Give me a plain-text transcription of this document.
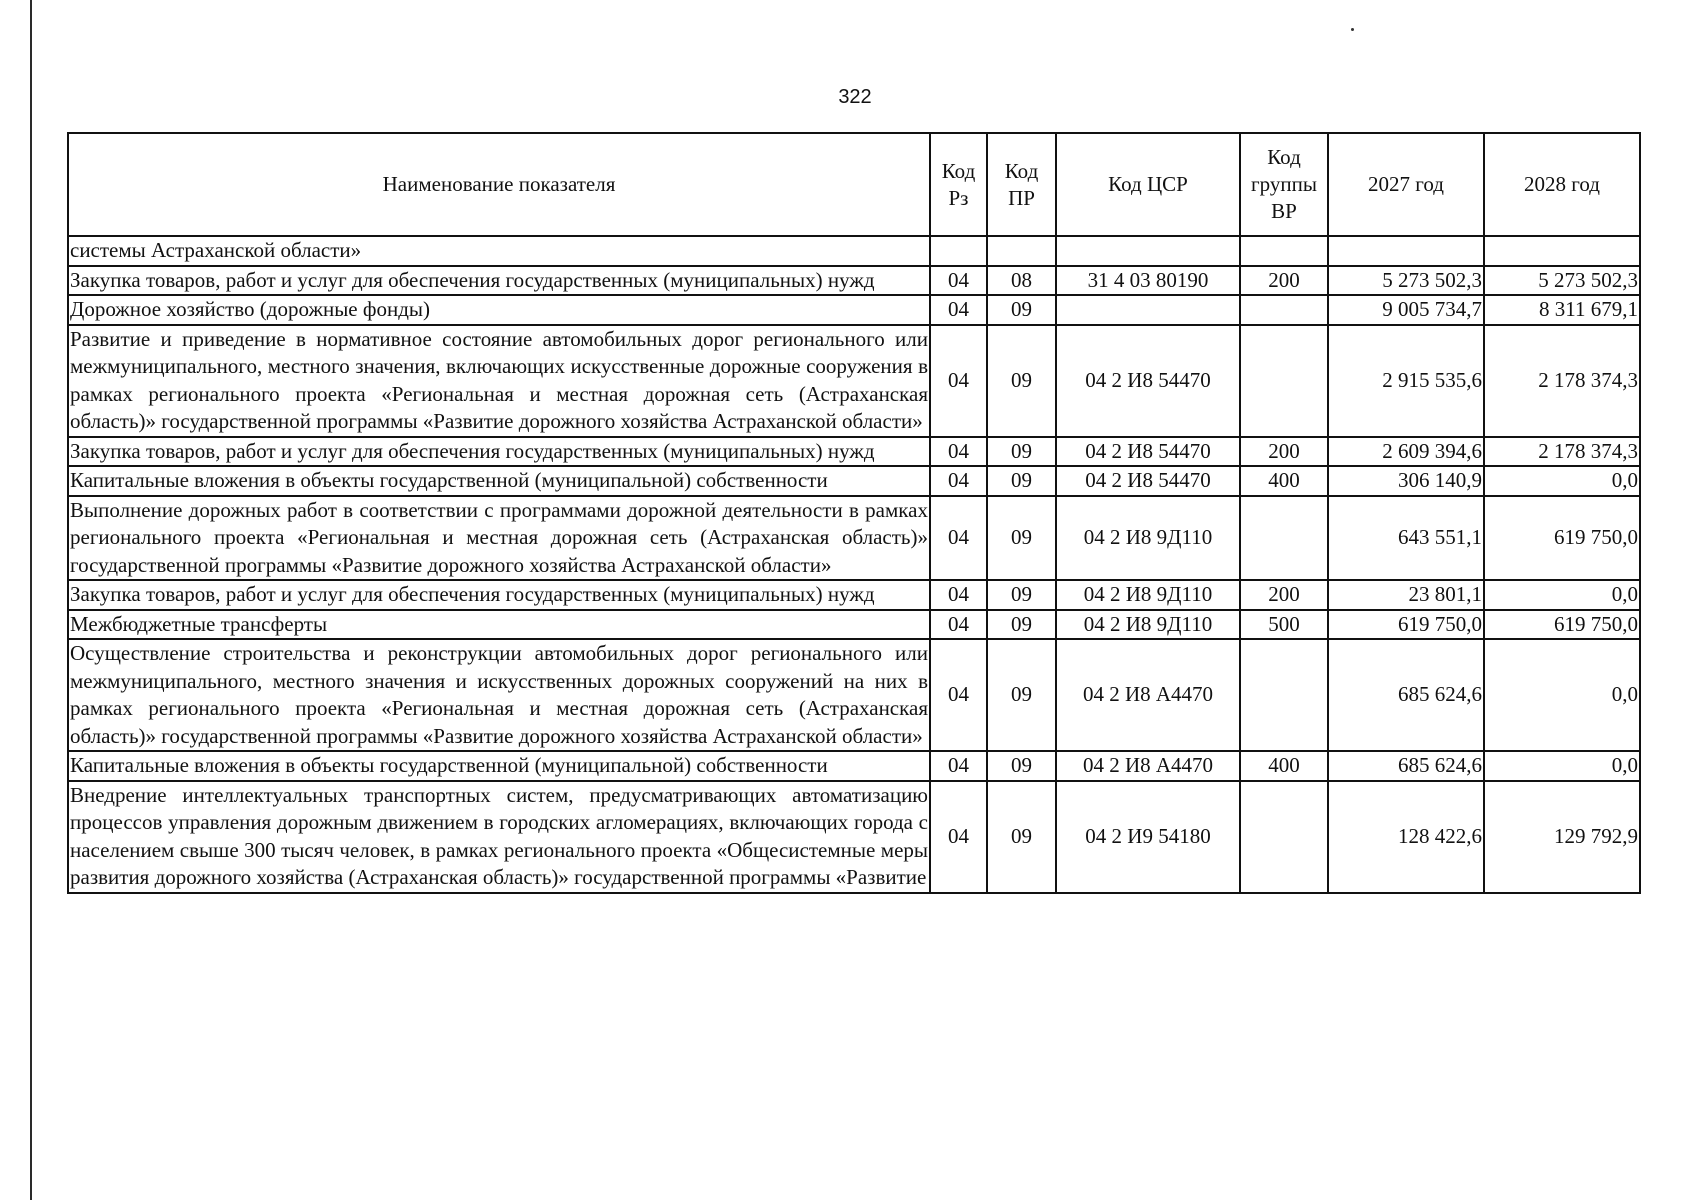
322
Наименование показателя	Код Рз	Код ПР	Код ЦСР	Код группы ВР	2027 год	2028 год
системы Астраханской области»						
Закупка товаров, работ и услуг для обеспечения государственных (муниципальных) нужд	04	08	31 4 03 80190	200	5 273 502,3	5 273 502,3
Дорожное хозяйство (дорожные фонды)	04	09			9 005 734,7	8 311 679,1
Развитие и приведение в нормативное состояние автомобильных дорог регионального или межмуниципального, местного значения, включающих искусственные дорожные сооружения в рамках регионального проекта «Региональная и местная дорожная сеть (Астраханская область)» государственной программы «Развитие дорожного хозяйства Астраханской области»	04	09	04 2 И8 54470		2 915 535,6	2 178 374,3
Закупка товаров, работ и услуг для обеспечения государственных (муниципальных) нужд	04	09	04 2 И8 54470	200	2 609 394,6	2 178 374,3
Капитальные вложения в объекты государственной (муниципальной) собственности	04	09	04 2 И8 54470	400	306 140,9	0,0
Выполнение дорожных работ в соответствии с программами дорожной деятельности в рамках регионального проекта «Региональная и местная дорожная сеть (Астраханская область)» государственной программы «Развитие дорожного хозяйства Астраханской области»	04	09	04 2 И8 9Д110		643 551,1	619 750,0
Закупка товаров, работ и услуг для обеспечения государственных (муниципальных) нужд	04	09	04 2 И8 9Д110	200	23 801,1	0,0
Межбюджетные трансферты	04	09	04 2 И8 9Д110	500	619 750,0	619 750,0
Осуществление строительства и реконструкции автомобильных дорог регионального или межмуниципального, местного значения и искусственных дорожных сооружений на них в рамках регионального проекта «Региональная и местная дорожная сеть (Астраханская область)» государственной программы «Развитие дорожного хозяйства Астраханской области»	04	09	04 2 И8 А4470		685 624,6	0,0
Капитальные вложения в объекты государственной (муниципальной) собственности	04	09	04 2 И8 А4470	400	685 624,6	0,0
Внедрение интеллектуальных транспортных систем, предусматривающих автоматизацию процессов управления дорожным движением в городских агломерациях, включающих города с населением свыше 300 тысяч человек, в рамках регионального проекта «Общесистемные меры развития дорожного хозяйства (Астраханская область)» государственной программы «Развитие	04	09	04 2 И9 54180		128 422,6	129 792,9
